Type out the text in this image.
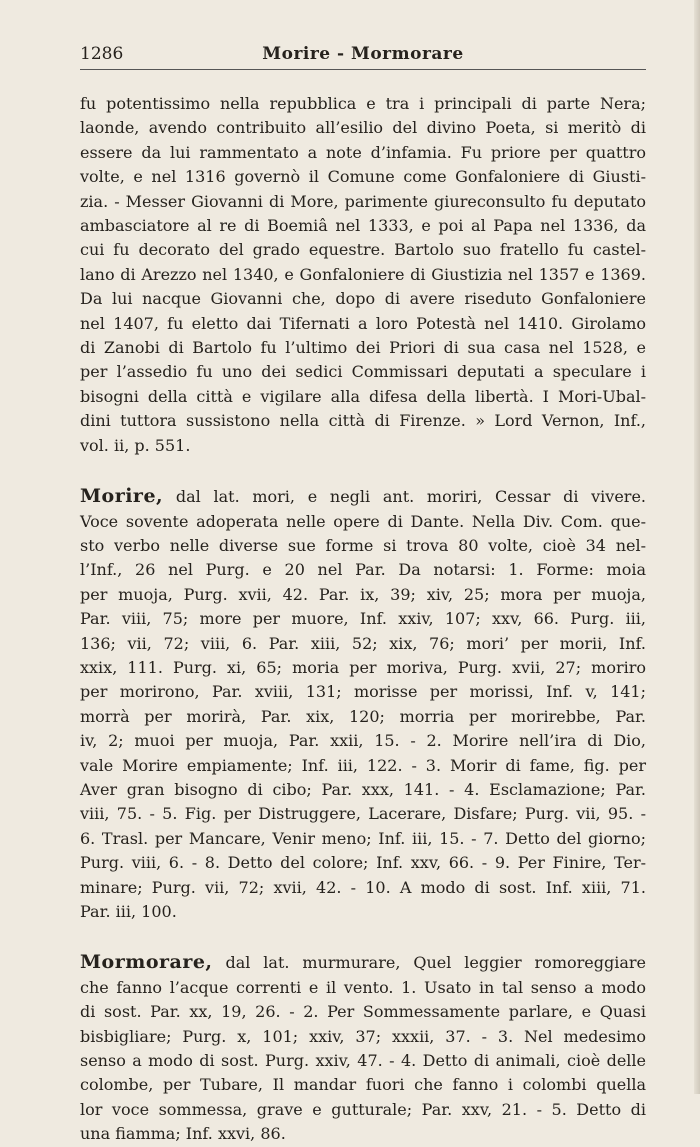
1286	Morire - Mormorare

fu potentissimo nella repubblica e tra i principali di parte Nera;
laonde, avendo contribuito all’esilio del divino Poeta, si meritò di
essere da lui rammentato a note d’infamia. Fu priore per quattro
volte, e nel 1316 governò il Comune come Gonfaloniere di Giusti-
zia. - Messer Giovanni di More, parimente giureconsulto fu deputato
ambasciatore al re di Boemiâ nel 1333, e poi al Papa nel 1336, da
cui fu decorato del grado equestre. Bartolo suo fratello fu castel-
lano di Arezzo nel 1340, e Gonfaloniere di Giustizia nel 1357 e 1369.
Da lui nacque Giovanni che, dopo di avere riseduto Gonfaloniere
nel 1407, fu eletto dai Tifernati a loro Potestà nel 1410. Girolamo
di Zanobi di Bartolo fu l’ultimo dei Priori di sua casa nel 1528, e
per l’assedio fu uno dei sedici Commissari deputati a speculare i
bisogni della città e vigilare alla difesa della libertà. I Mori-Ubal-
dini tuttora sussistono nella città di Firenze. » Lord Vernon, Inf.,
vol. ii, p. 551.

Morire, dal lat. mori, e negli ant. moriri, Cessar di vivere.
Voce sovente adoperata nelle opere di Dante. Nella Div. Com. que-
sto verbo nelle diverse sue forme si trova 80 volte, cioè 34 nel-
l’Inf., 26 nel Purg. e 20 nel Par. Da notarsi: 1. Forme: moia
per muoja, Purg. xvii, 42. Par. ix, 39; xiv, 25; mora per muoja,
Par. viii, 75; more per muore, Inf. xxiv, 107; xxv, 66. Purg. iii,
136; vii, 72; viii, 6. Par. xiii, 52; xix, 76; mori’ per morii, Inf.
xxix, 111. Purg. xi, 65; moria per moriva, Purg. xvii, 27; moriro
per morirono, Par. xviii, 131; morisse per morissi, Inf. v, 141;
morrà per morirà, Par. xix, 120; morria per morirebbe, Par.
iv, 2; muoi per muoja, Par. xxii, 15. - 2. Morire nell’ira di Dio,
vale Morire empiamente; Inf. iii, 122. - 3. Morir di fame, fig. per
Aver gran bisogno di cibo; Par. xxx, 141. - 4. Esclamazione; Par.
viii, 75. - 5. Fig. per Distruggere, Lacerare, Disfare; Purg. vii, 95. -
6. Trasl. per Mancare, Venir meno; Inf. iii, 15. - 7. Detto del giorno;
Purg. viii, 6. - 8. Detto del colore; Inf. xxv, 66. - 9. Per Finire, Ter-
minare; Purg. vii, 72; xvii, 42. - 10. A modo di sost. Inf. xiii, 71.
Par. iii, 100.

Mormorare, dal lat. murmurare, Quel leggier romoreggiare
che fanno l’acque correnti e il vento. 1. Usato in tal senso a modo
di sost. Par. xx, 19, 26. - 2. Per Sommessamente parlare, e Quasi
bisbigliare; Purg. x, 101; xxiv, 37; xxxii, 37. - 3. Nel medesimo
senso a modo di sost. Purg. xxiv, 47. - 4. Detto di animali, cioè delle
colombe, per Tubare, Il mandar fuori che fanno i colombi quella
lor voce sommessa, grave e gutturale; Par. xxv, 21. - 5. Detto di
una fiamma; Inf. xxvi, 86.
